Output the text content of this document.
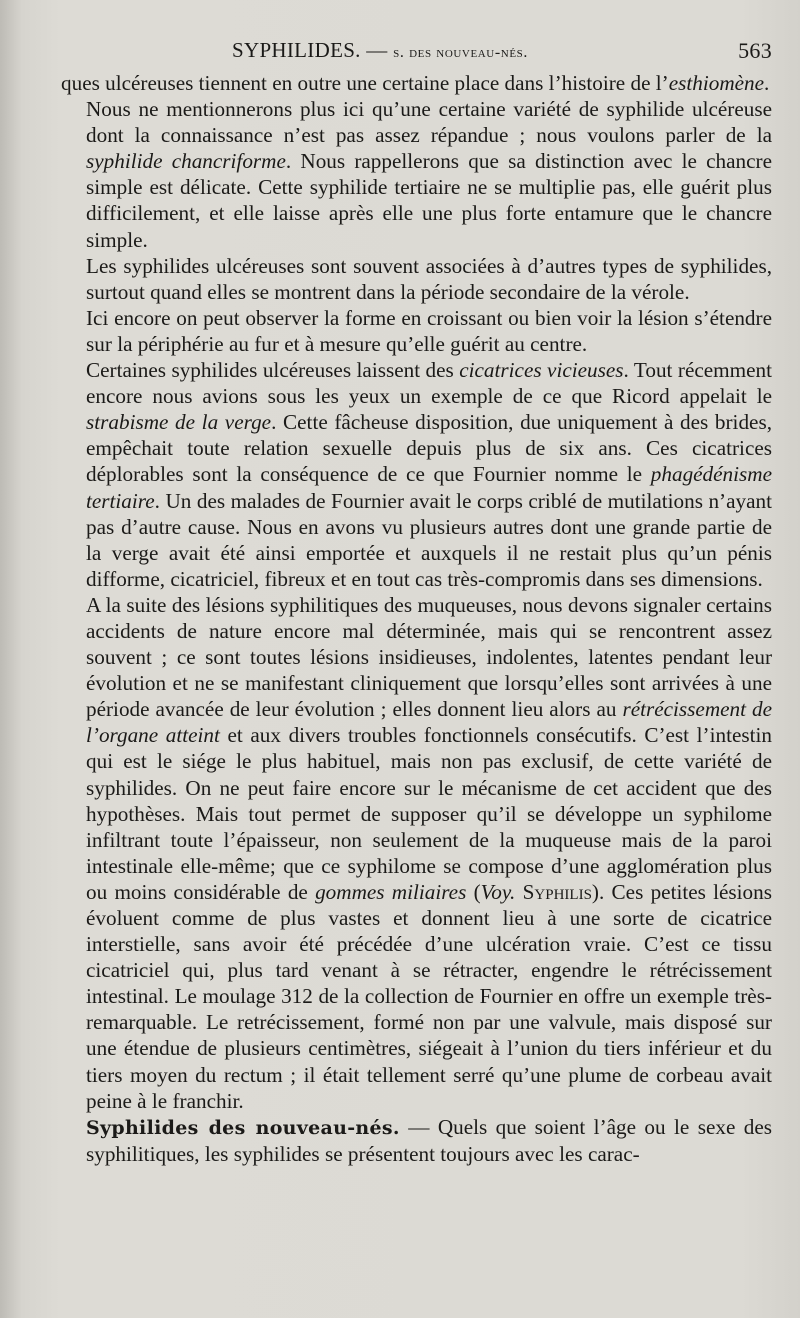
SYPHILIDES. — s. des nouveau-nés.	563

ques ulcéreuses tiennent en outre une certaine place dans l’histoire de l’esthiomène.

Nous ne mentionnerons plus ici qu’une certaine variété de syphilide ulcéreuse dont la connaissance n’est pas assez répandue ; nous voulons parler de la syphilide chancriforme. Nous rappellerons que sa distinction avec le chancre simple est délicate. Cette syphilide tertiaire ne se multiplie pas, elle guérit plus difficilement, et elle laisse après elle une plus forte entamure que le chancre simple.

Les syphilides ulcéreuses sont souvent associées à d’autres types de syphilides, surtout quand elles se montrent dans la période secondaire de la vérole.

Ici encore on peut observer la forme en croissant ou bien voir la lésion s’étendre sur la périphérie au fur et à mesure qu’elle guérit au centre.

Certaines syphilides ulcéreuses laissent des cicatrices vicieuses. Tout récemment encore nous avions sous les yeux un exemple de ce que Ricord appelait le strabisme de la verge. Cette fâcheuse disposition, due uniquement à des brides, empêchait toute relation sexuelle depuis plus de six ans. Ces cicatrices déplorables sont la conséquence de ce que Fournier nomme le phagédénisme tertiaire. Un des malades de Fournier avait le corps criblé de mutilations n’ayant pas d’autre cause. Nous en avons vu plusieurs autres dont une grande partie de la verge avait été ainsi emportée et auxquels il ne restait plus qu’un pénis difforme, cicatriciel, fibreux et en tout cas très-compromis dans ses dimensions.

A la suite des lésions syphilitiques des muqueuses, nous devons signaler certains accidents de nature encore mal déterminée, mais qui se rencontrent assez souvent ; ce sont toutes lésions insidieuses, indolentes, latentes pendant leur évolution et ne se manifestant cliniquement que lorsqu’elles sont arrivées à une période avancée de leur évolution ; elles donnent lieu alors au rétrécissement de l’organe atteint et aux divers troubles fonctionnels consécutifs. C’est l’intestin qui est le siége le plus habituel, mais non pas exclusif, de cette variété de syphilides. On ne peut faire encore sur le mécanisme de cet accident que des hypothèses. Mais tout permet de supposer qu’il se développe un syphilome infiltrant toute l’épaisseur, non seulement de la muqueuse mais de la paroi intestinale elle-même; que ce syphilome se compose d’une agglomération plus ou moins considérable de gommes miliaires (Voy. Syphilis). Ces petites lésions évoluent comme de plus vastes et donnent lieu à une sorte de cicatrice interstielle, sans avoir été précédée d’une ulcération vraie. C’est ce tissu cicatriciel qui, plus tard venant à se rétracter, engendre le rétrécissement intestinal. Le moulage 312 de la collection de Fournier en offre un exemple très-remarquable. Le retrécissement, formé non par une valvule, mais disposé sur une étendue de plusieurs centimètres, siégeait à l’union du tiers inférieur et du tiers moyen du rectum ; il était tellement serré qu’une plume de corbeau avait peine à le franchir.

Syphilides des nouveau-nés. — Quels que soient l’âge ou le sexe des syphilitiques, les syphilides se présentent toujours avec les carac-
